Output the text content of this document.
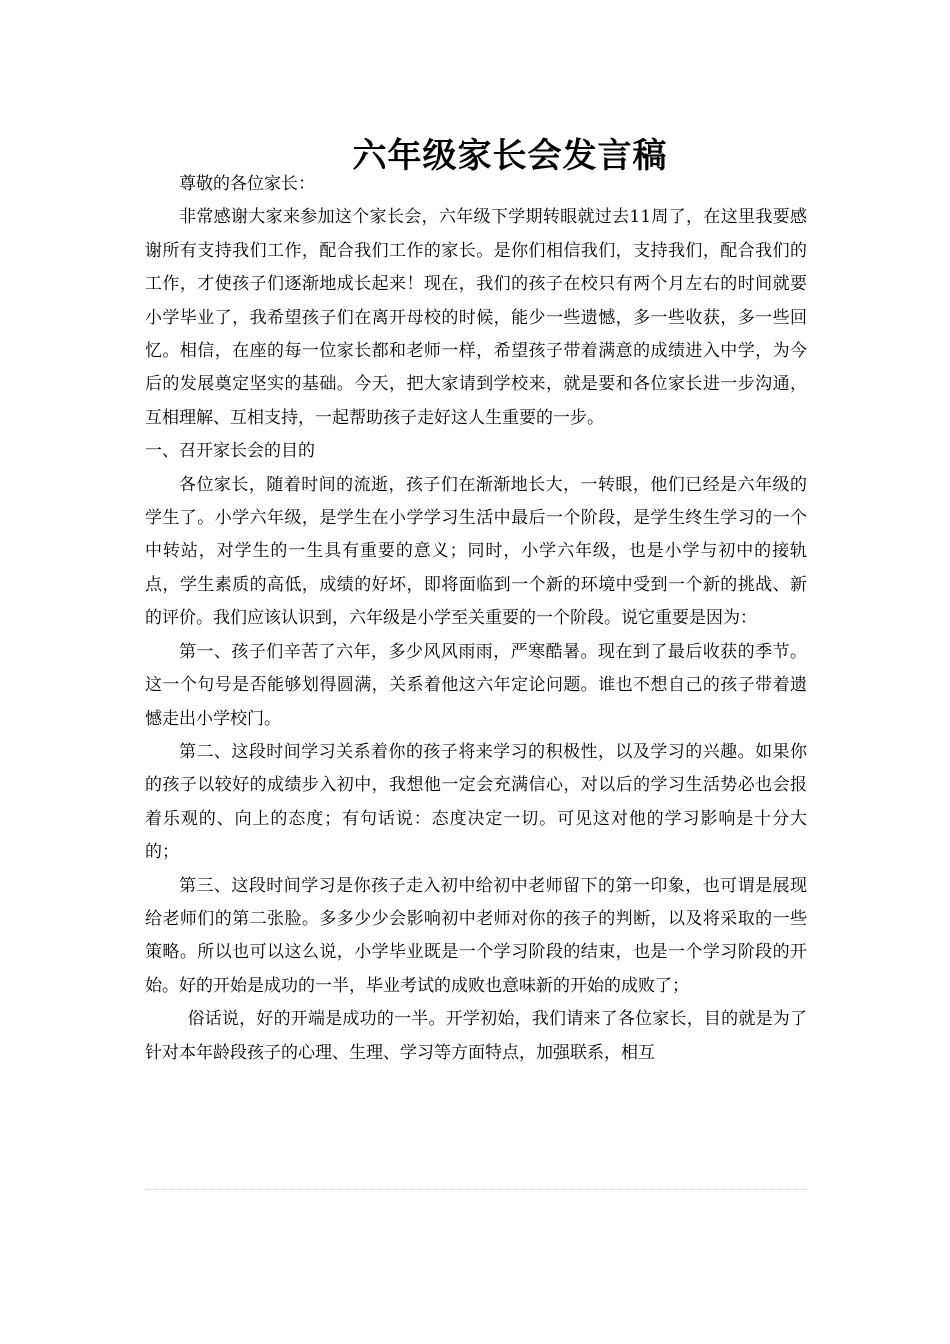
六年级家长会发言稿

尊敬的各位家长：

非常感谢大家来参加这个家长会，六年级下学期转眼就过去11周了，在这里我要感谢所有支持我们工作，配合我们工作的家长。是你们相信我们，支持我们，配合我们的工作，才使孩子们逐渐地成长起来！现在，我们的孩子在校只有两个月左右的时间就要小学毕业了，我希望孩子们在离开母校的时候，能少一些遗憾，多一些收获，多一些回忆。相信，在座的每一位家长都和老师一样，希望孩子带着满意的成绩进入中学，为今后的发展奠定坚实的基础。今天，把大家请到学校来，就是要和各位家长进一步沟通，互相理解、互相支持，一起帮助孩子走好这人生重要的一步。

一、召开家长会的目的

各位家长，随着时间的流逝，孩子们在渐渐地长大，一转眼，他们已经是六年级的学生了。小学六年级，是学生在小学学习生活中最后一个阶段，是学生终生学习的一个中转站，对学生的一生具有重要的意义；同时，小学六年级，也是小学与初中的接轨点，学生素质的高低，成绩的好坏，即将面临到一个新的环境中受到一个新的挑战、新的评价。我们应该认识到，六年级是小学至关重要的一个阶段。说它重要是因为：

第一、孩子们辛苦了六年，多少风风雨雨，严寒酷暑。现在到了最后收获的季节。这一个句号是否能够划得圆满，关系着他这六年定论问题。谁也不想自己的孩子带着遗憾走出小学校门。

第二、这段时间学习关系着你的孩子将来学习的积极性，以及学习的兴趣。如果你的孩子以较好的成绩步入初中，我想他一定会充满信心，对以后的学习生活势必也会报着乐观的、向上的态度；有句话说：态度决定一切。可见这对他的学习影响是十分大的；

第三、这段时间学习是你孩子走入初中给初中老师留下的第一印象，也可谓是展现给老师们的第二张脸。多多少少会影响初中老师对你的孩子的判断，以及将采取的一些策略。所以也可以这么说，小学毕业既是一个学习阶段的结束，也是一个学习阶段的开始。好的开始是成功的一半，毕业考试的成败也意味新的开始的成败了；

俗话说，好的开端是成功的一半。开学初始，我们请来了各位家长，目的就是为了针对本年龄段孩子的心理、生理、学习等方面特点，加强联系，相互
